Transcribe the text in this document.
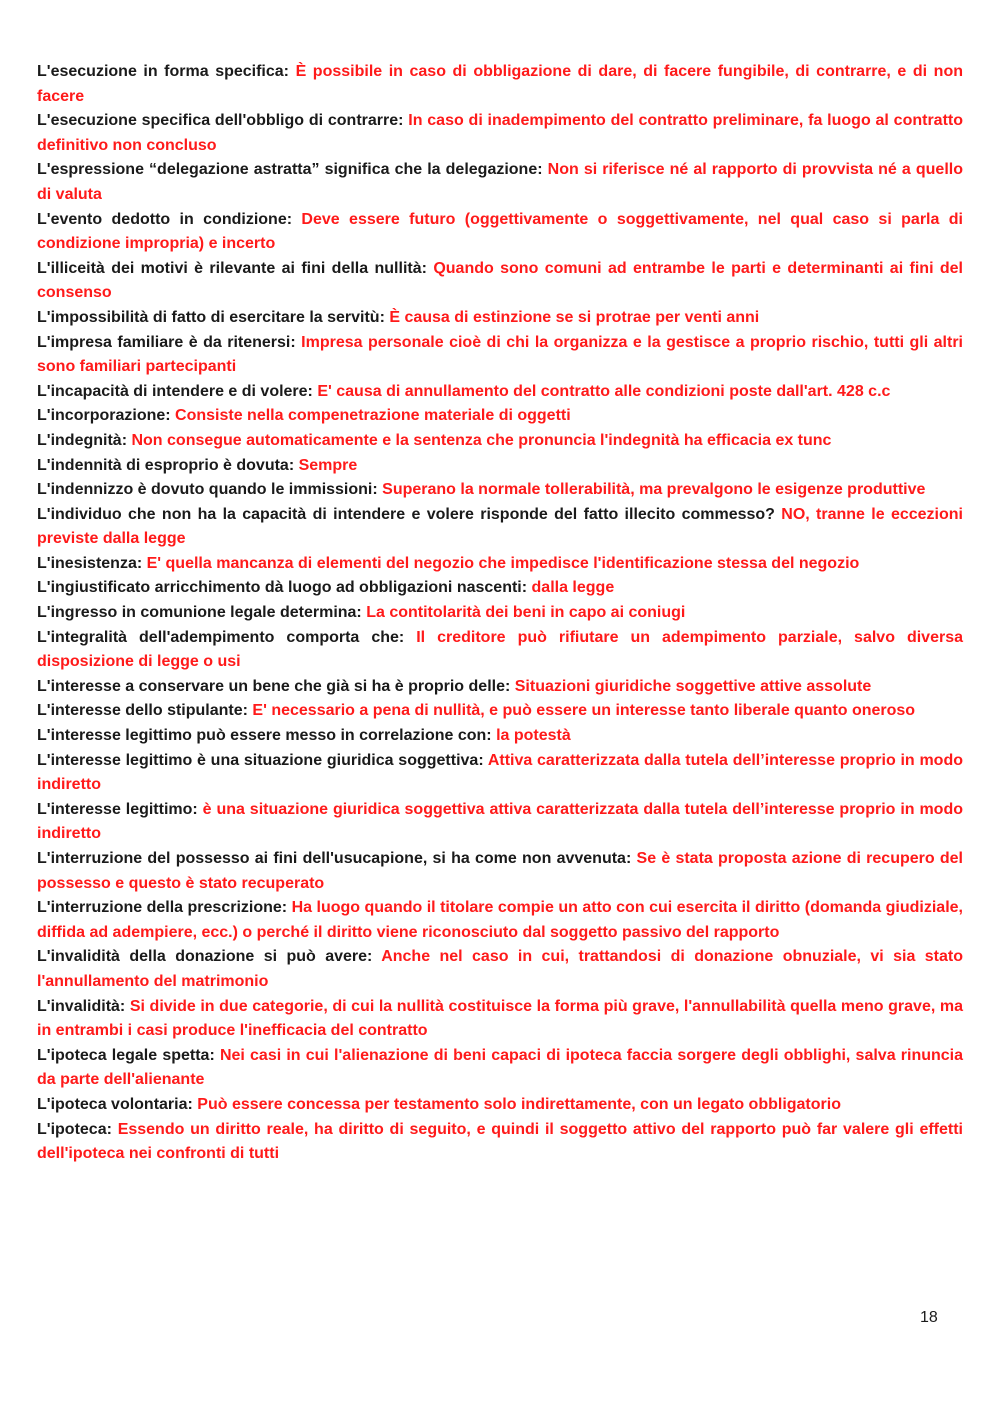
L'esecuzione in forma specifica: È possibile in caso di obbligazione di dare, di facere fungibile, di contrarre, e di non facere

L'esecuzione specifica dell'obbligo di contrarre: In caso di inadempimento del contratto preliminare, fa luogo al contratto definitivo non concluso

L'espressione “delegazione astratta” significa che la delegazione: Non si riferisce né al rapporto di provvista né a quello di valuta

L'evento dedotto in condizione: Deve essere futuro (oggettivamente o soggettivamente, nel qual caso si parla di condizione impropria) e incerto

L'illiceità dei motivi è rilevante ai fini della nullità: Quando sono comuni ad entrambe le parti e determinanti ai fini del consenso

L'impossibilità di fatto di esercitare la servitù: È causa di estinzione se si protrae per venti anni

L'impresa familiare è da ritenersi: Impresa personale cioè di chi la organizza e la gestisce a proprio rischio, tutti gli altri sono familiari partecipanti

L'incapacità di intendere e di volere: E' causa di annullamento del contratto alle condizioni poste dall'art. 428 c.c

L'incorporazione: Consiste nella compenetrazione materiale di oggetti

L'indegnità: Non consegue automaticamente e la sentenza che pronuncia l'indegnità ha efficacia ex tunc

L'indennità di esproprio è dovuta: Sempre

L'indennizzo è dovuto quando le immissioni: Superano la normale tollerabilità, ma prevalgono le esigenze produttive

L'individuo che non ha la capacità di intendere e volere risponde del fatto illecito commesso? NO, tranne le eccezioni previste dalla legge

L'inesistenza: E' quella mancanza di elementi del negozio che impedisce l'identificazione stessa del negozio

L'ingiustificato arricchimento dà luogo ad obbligazioni nascenti: dalla legge

L'ingresso in comunione legale determina: La contitolarità dei beni in capo ai coniugi

L'integralità dell'adempimento comporta che: Il creditore può rifiutare un adempimento parziale, salvo diversa disposizione di legge o usi

L'interesse a conservare un bene che già si ha è proprio delle: Situazioni giuridiche soggettive attive assolute

L'interesse dello stipulante: E' necessario a pena di nullità, e può essere un interesse tanto liberale quanto oneroso

L'interesse legittimo può essere messo in correlazione con: la potestà

L'interesse legittimo è una situazione giuridica soggettiva: Attiva caratterizzata dalla tutela dell’interesse proprio in modo indiretto

L'interesse legittimo: è una situazione giuridica soggettiva attiva caratterizzata dalla tutela dell’interesse proprio in modo indiretto

L'interruzione del possesso ai fini dell'usucapione, si ha come non avvenuta: Se è stata proposta azione di recupero del possesso e questo è stato recuperato

L'interruzione della prescrizione: Ha luogo quando il titolare compie un atto con cui esercita il diritto (domanda giudiziale, diffida ad adempiere, ecc.) o perché il diritto viene riconosciuto dal soggetto passivo del rapporto

L'invalidità della donazione si può avere: Anche nel caso in cui, trattandosi di donazione obnuziale, vi sia stato l'annullamento del matrimonio

L'invalidità: Si divide in due categorie, di cui la nullità costituisce la forma più grave, l'annullabilità quella meno grave, ma in entrambi i casi produce l'inefficacia del contratto

L'ipoteca legale spetta: Nei casi in cui l'alienazione di beni capaci di ipoteca faccia sorgere degli obblighi, salva rinuncia da parte dell'alienante

L'ipoteca volontaria: Può essere concessa per testamento solo indirettamente, con un legato obbligatorio

L'ipoteca: Essendo un diritto reale, ha diritto di seguito, e quindi il soggetto attivo del rapporto può far valere gli effetti dell'ipoteca nei confronti di tutti

18
